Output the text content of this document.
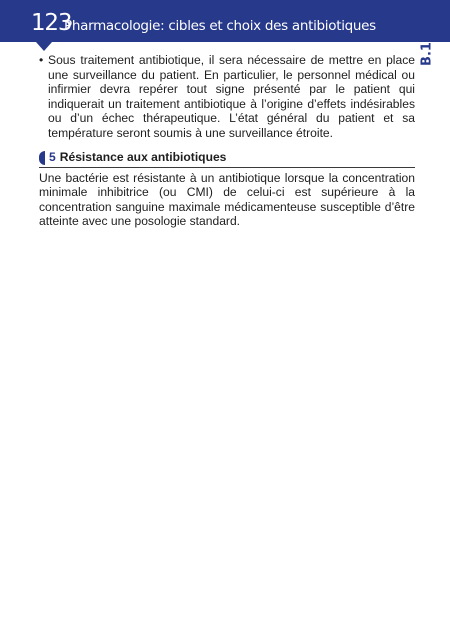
123
Pharmacologie: cibles et choix des antibiotiques
B.1
• Sous traitement antibiotique, il sera nécessaire de mettre en place une surveillance du patient. En particulier, le personnel médical ou infirmier devra repérer tout signe présenté par le patient qui indiquerait un traitement antibiotique à l’origine d’effets indésirables ou d’un échec thérapeutique. L’état général du patient et sa température seront soumis à une surveillance étroite.
5 Résistance aux antibiotiques
Une bactérie est résistante à un antibiotique lorsque la concentration minimale inhibitrice (ou CMI) de celui-ci est supérieure à la concentration sanguine maximale médicamenteuse susceptible d’être atteinte avec une posologie standard.
